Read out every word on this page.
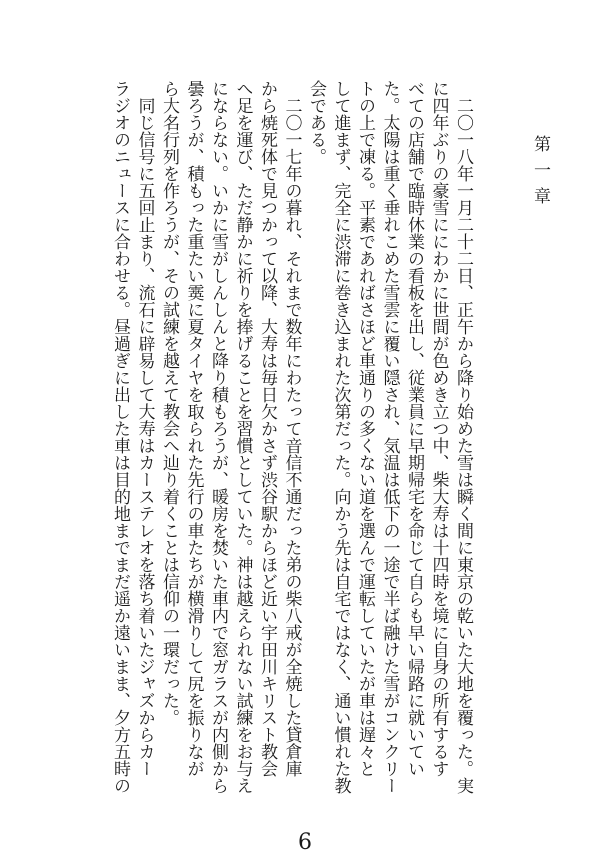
第一章
　二〇一八年一月二十二日、正午から降り始めた雪は瞬く間に東京の乾いた大地を覆った。実
に四年ぶりの豪雪ににわかに世間が色めき立つ中、柴大寿は十四時を境に自身の所有するす
べての店舗で臨時休業の看板を出し、従業員に早期帰宅を命じて自らも早い帰路に就いてい
た。太陽は重く垂れこめた雪雲に覆い隠され、気温は低下の一途で半ば融けた雪がコンクリー
トの上で凍る。平素であればさほど車通りの多くない道を選んで運転していたが車は遅々と
して進まず、完全に渋滞に巻き込まれた次第だった。向かう先は自宅ではなく、通い慣れた教
会である。
　二〇一七年の暮れ、それまで数年にわたって音信不通だった弟の柴八戒が全焼した貸倉庫
から焼死体で見つかって以降、大寿は毎日欠かさず渋谷駅からほど近い宇田川キリスト教会
へ足を運び、ただ静かに祈りを捧げることを習慣としていた。神は越えられない試練をお与え
にならない。いかに雪がしんしんと降り積もろうが、暖房を焚いた車内で窓ガラスが内側から
曇ろうが、積もった重たい霙に夏タイヤを取られた先行の車たちが横滑りして尻を振りなが
ら大名行列を作ろうが、その試練を越えて教会へ辿り着くことは信仰の一環だった。
　同じ信号に五回止まり、流石に辟易して大寿はカーステレオを落ち着いたジャズからカー
ラジオのニュースに合わせる。昼過ぎに出した車は目的地までまだ遥か遠いまま、夕方五時の
6
